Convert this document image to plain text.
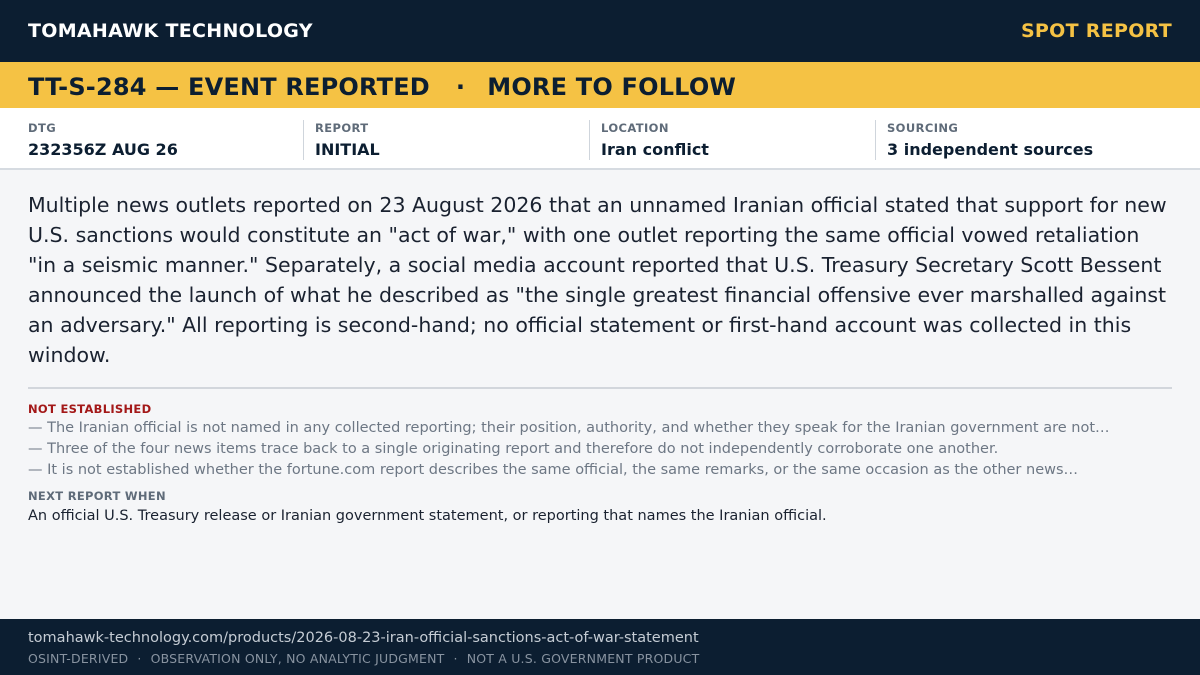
TOMAHAWK TECHNOLOGY	SPOT REPORT
TT-S-284 — EVENT REPORTED · MORE TO FOLLOW
DTG
232356Z AUG 26
REPORT
INITIAL
LOCATION
Iran conflict
SOURCING
3 independent sources

Multiple news outlets reported on 23 August 2026 that an unnamed Iranian official stated that support for new U.S. sanctions would constitute an "act of war," with one outlet reporting the same official vowed retaliation "in a seismic manner." Separately, a social media account reported that U.S. Treasury Secretary Scott Bessent announced the launch of what he described as "the single greatest financial offensive ever marshalled against an adversary." All reporting is second-hand; no official statement or first-hand account was collected in this window.

NOT ESTABLISHED
— The Iranian official is not named in any collected reporting; their position, authority, and whether they speak for the Iranian government are not…
— Three of the four news items trace back to a single originating report and therefore do not independently corroborate one another.
— It is not established whether the fortune.com report describes the same official, the same remarks, or the same occasion as the other news…
NEXT REPORT WHEN
An official U.S. Treasury release or Iranian government statement, or reporting that names the Iranian official.
tomahawk-technology.com/products/2026-08-23-iran-official-sanctions-act-of-war-statement
OSINT-DERIVED · OBSERVATION ONLY, NO ANALYTIC JUDGMENT · NOT A U.S. GOVERNMENT PRODUCT
